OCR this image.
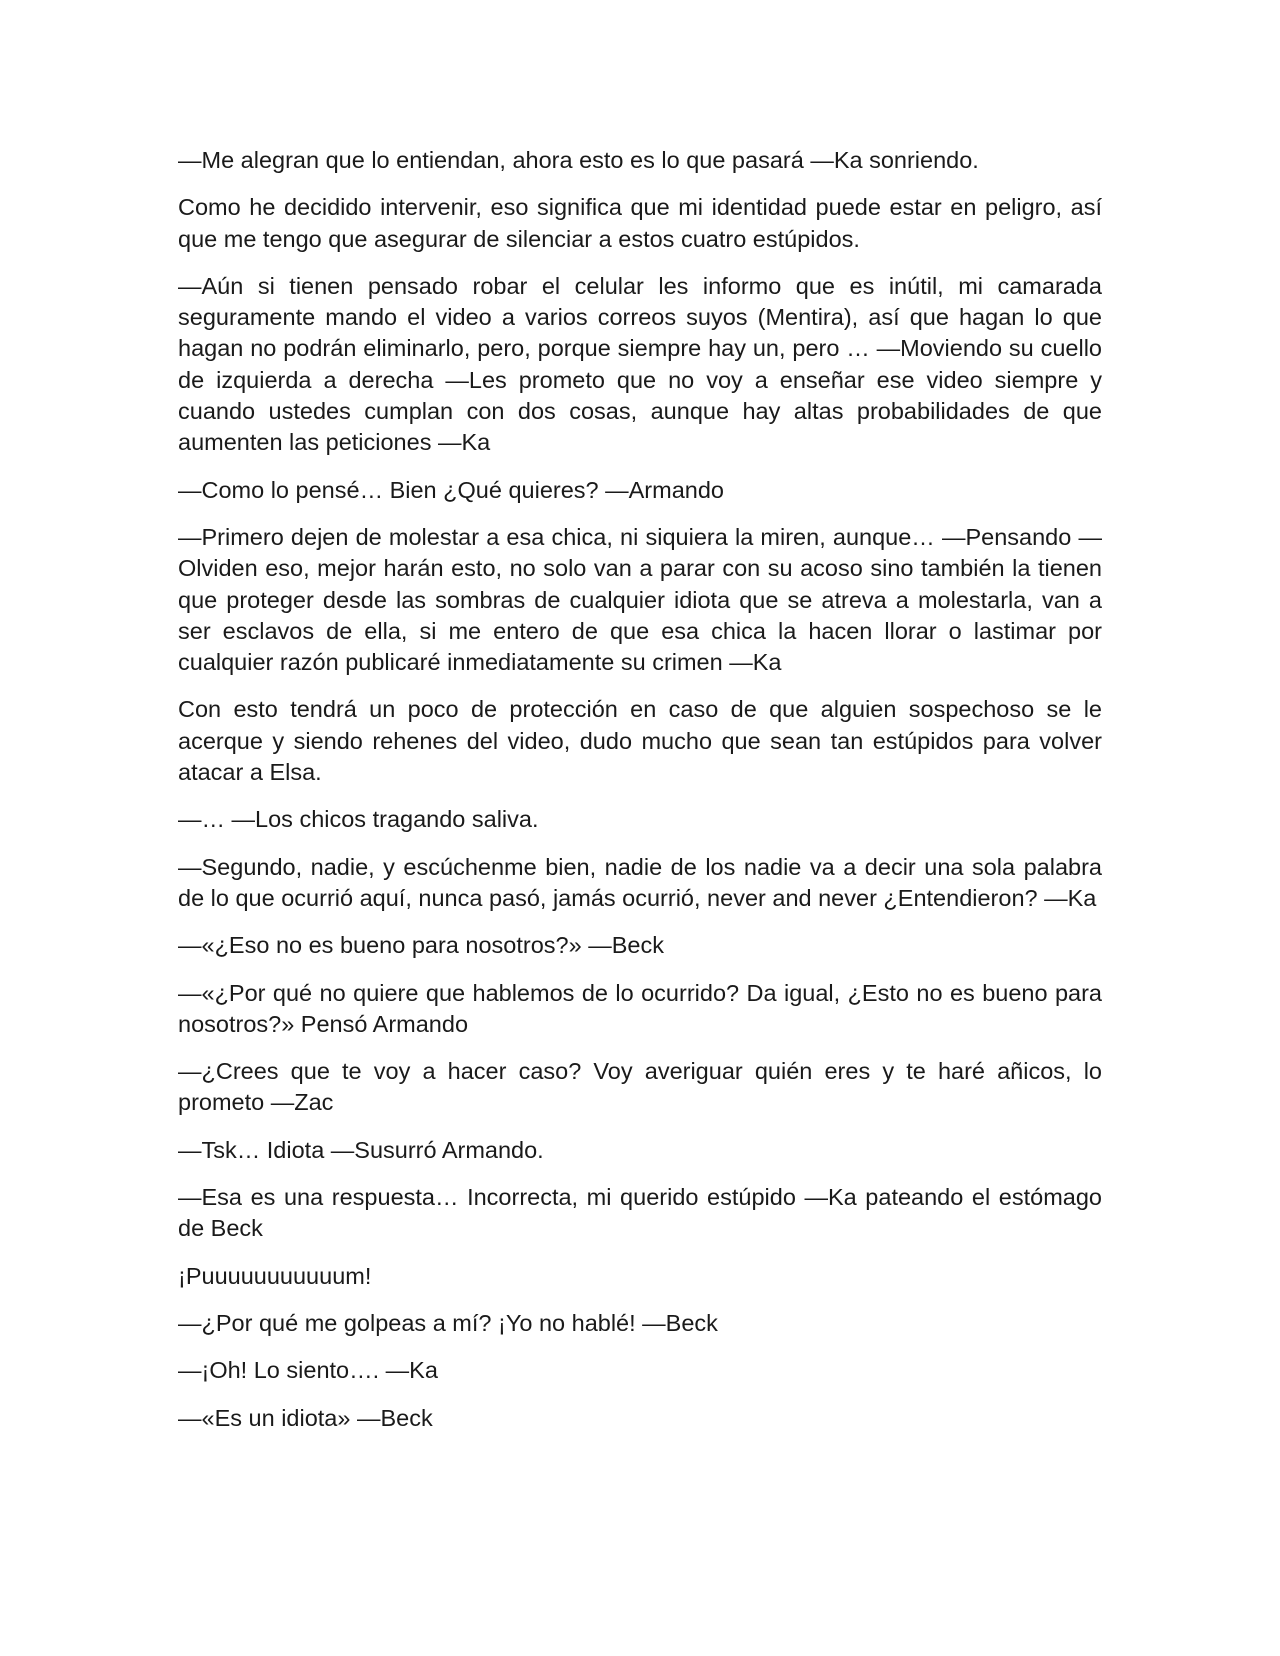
—Me alegran que lo entiendan, ahora esto es lo que pasará —Ka sonriendo.

Como he decidido intervenir, eso significa que mi identidad puede estar en peligro, así que me tengo que asegurar de silenciar a estos cuatro estúpidos.

—Aún si tienen pensado robar el celular les informo que es inútil, mi camarada seguramente mando el video a varios correos suyos (Mentira), así que hagan lo que hagan no podrán eliminarlo, pero, porque siempre hay un, pero … —Moviendo su cuello de izquierda a derecha —Les prometo que no voy a enseñar ese video siempre y cuando ustedes cumplan con dos cosas, aunque hay altas probabilidades de que aumenten las peticiones —Ka

—Como lo pensé… Bien ¿Qué quieres? —Armando

—Primero dejen de molestar a esa chica, ni siquiera la miren, aunque… —Pensando —Olviden eso, mejor harán esto, no solo van a parar con su acoso sino también la tienen que proteger desde las sombras de cualquier idiota que se atreva a molestarla, van a ser esclavos de ella, si me entero de que esa chica la hacen llorar o lastimar por cualquier razón publicaré inmediatamente su crimen —Ka

Con esto tendrá un poco de protección en caso de que alguien sospechoso se le acerque y siendo rehenes del video, dudo mucho que sean tan estúpidos para volver atacar a Elsa.

—… —Los chicos tragando saliva.

—Segundo, nadie, y escúchenme bien, nadie de los nadie va a decir una sola palabra de lo que ocurrió aquí, nunca pasó, jamás ocurrió, never and never ¿Entendieron? —Ka

—«¿Eso no es bueno para nosotros?» —Beck

—«¿Por qué no quiere que hablemos de lo ocurrido? Da igual, ¿Esto no es bueno para nosotros?» Pensó Armando

—¿Crees que te voy a hacer caso? Voy averiguar quién eres y te haré añicos, lo prometo —Zac

—Tsk… Idiota —Susurró Armando.

—Esa es una respuesta… Incorrecta, mi querido estúpido —Ka pateando el estómago de Beck

¡Puuuuuuuuuuum!

—¿Por qué me golpeas a mí? ¡Yo no hablé! —Beck

—¡Oh! Lo siento…. —Ka

—«Es un idiota» —Beck
